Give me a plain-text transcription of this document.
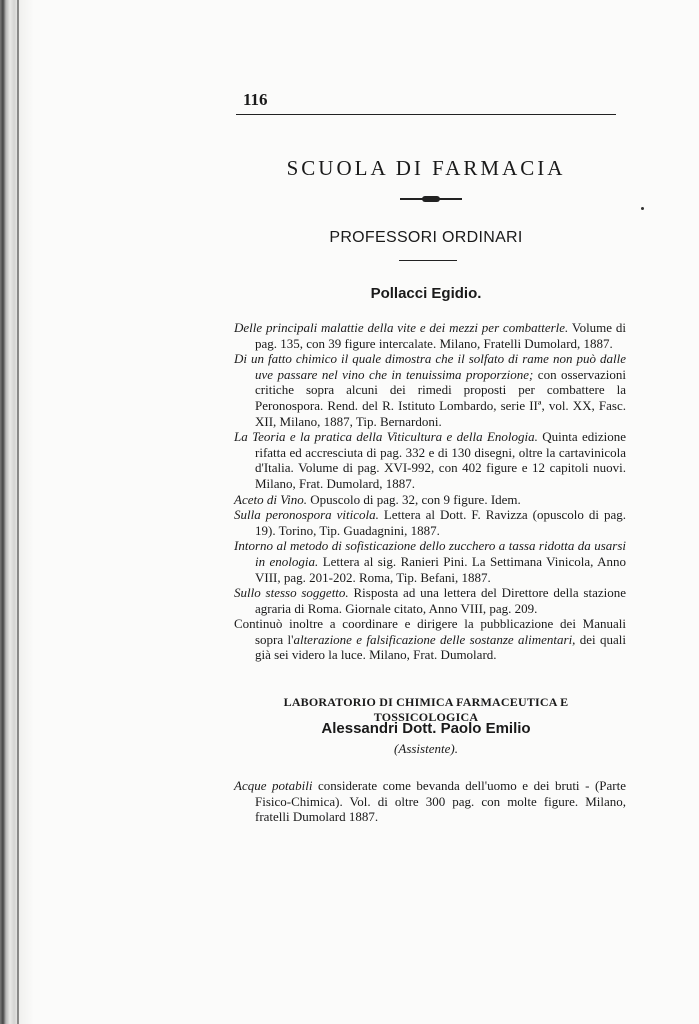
116
SCUOLA DI FARMACIA
PROFESSORI ORDINARI
Pollacci Egidio.

Delle principali malattie della vite e dei mezzi per combatterle. Volume di pag. 135, con 39 figure intercalate. Milano, Fratelli Dumolard, 1887.

Di un fatto chimico il quale dimostra che il solfato di rame non può dalle uve passare nel vino che in tenuissima proporzione; con osservazioni critiche sopra alcuni dei rimedi proposti per combattere la Peronospora. Rend. del R. Istituto Lombardo, serie IIª, vol. XX, Fasc. XII, Milano, 1887, Tip. Bernardoni.

La Teoria e la pratica della Viticultura e della Enologia. Quinta edizione rifatta ed accresciuta di pag. 332 e di 130 disegni, oltre la cartavinicola d'Italia. Volume di pag. XVI-992, con 402 figure e 12 capitoli nuovi. Milano, Frat. Dumolard, 1887.

Aceto di Vino. Opuscolo di pag. 32, con 9 figure. Idem.

Sulla peronospora viticola. Lettera al Dott. F. Ravizza (opuscolo di pag. 19). Torino, Tip. Guadagnini, 1887.

Intorno al metodo di sofisticazione dello zucchero a tassa ridotta da usarsi in enologia. Lettera al sig. Ranieri Pini. La Settimana Vinicola, Anno VIII, pag. 201-202. Roma, Tip. Befani, 1887.

Sullo stesso soggetto. Risposta ad una lettera del Direttore della stazione agraria di Roma. Giornale citato, Anno VIII, pag. 209.

Continuò inoltre a coordinare e dirigere la pubblicazione dei Manuali sopra l'alterazione e falsificazione delle sostanze alimentari, dei quali già sei videro la luce. Milano, Frat. Dumolard.

LABORATORIO DI CHIMICA FARMACEUTICA E TOSSICOLOGICA
Alessandri Dott. Paolo Emilio
(Assistente).

Acque potabili considerate come bevanda dell'uomo e dei bruti - (Parte Fisico-Chimica). Vol. di oltre 300 pag. con molte figure. Milano, fratelli Dumolard 1887.
